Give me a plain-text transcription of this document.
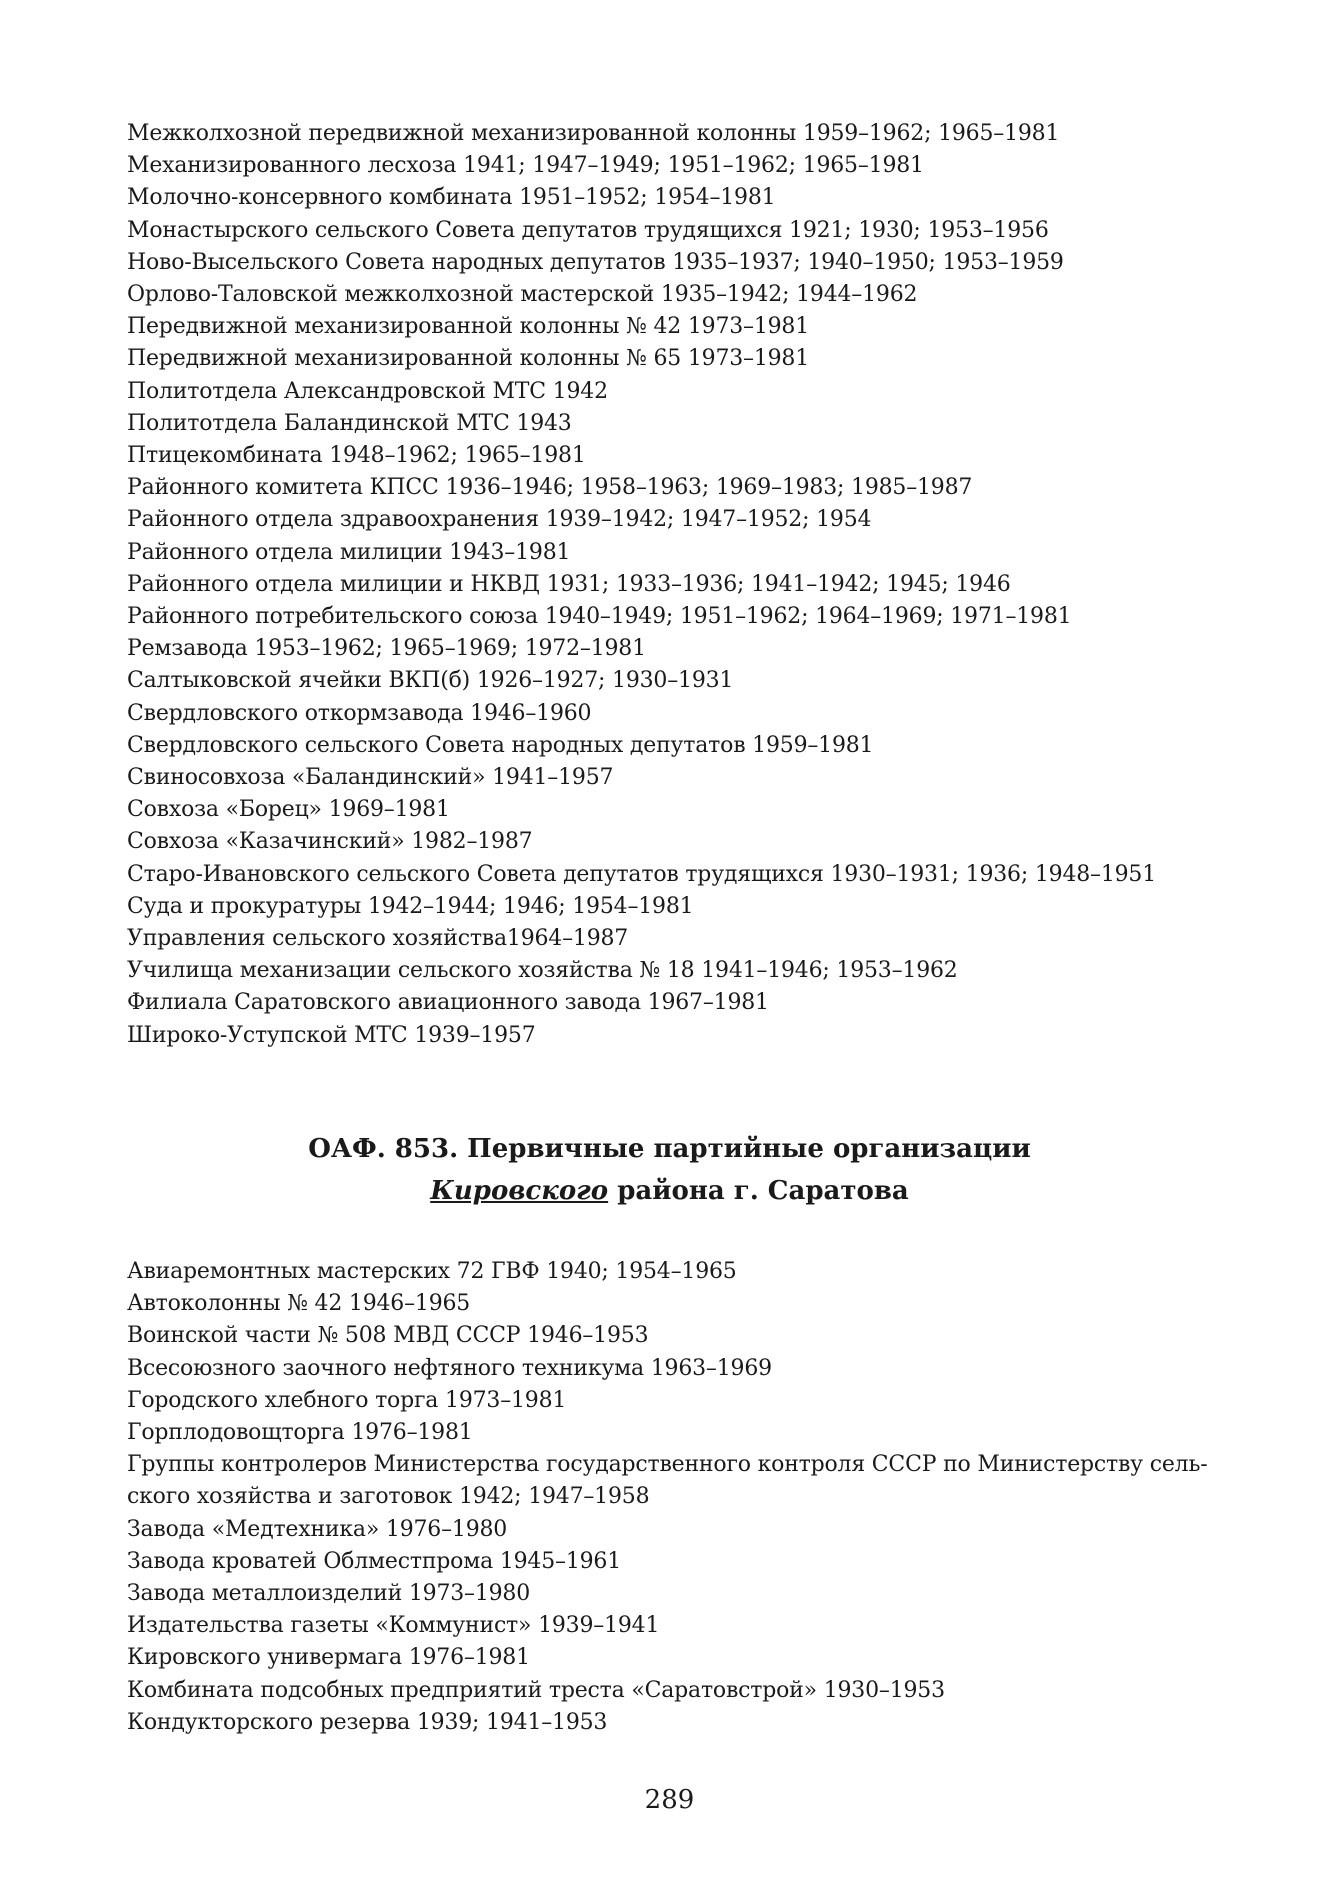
Межколхозной передвижной механизированной колонны 1959–1962; 1965–1981
Механизированного лесхоза 1941; 1947–1949; 1951–1962; 1965–1981
Молочно-консервного комбината 1951–1952; 1954–1981
Монастырского сельского Совета депутатов трудящихся 1921; 1930; 1953–1956
Ново-Высельского Совета народных депутатов 1935–1937; 1940–1950; 1953–1959
Орлово-Таловской межколхозной мастерской 1935–1942; 1944–1962
Передвижной механизированной колонны № 42 1973–1981
Передвижной механизированной колонны № 65 1973–1981
Политотдела Александровской МТС 1942
Политотдела Баландинской МТС 1943
Птицекомбината 1948–1962; 1965–1981
Районного комитета КПСС 1936–1946; 1958–1963; 1969–1983; 1985–1987
Районного отдела здравоохранения 1939–1942; 1947–1952; 1954
Районного отдела милиции 1943–1981
Районного отдела милиции и НКВД 1931; 1933–1936; 1941–1942; 1945; 1946
Районного потребительского союза 1940–1949; 1951–1962; 1964–1969; 1971–1981
Ремзавода 1953–1962; 1965–1969; 1972–1981
Салтыковской ячейки ВКП(б) 1926–1927; 1930–1931
Свердловского откормзавода 1946–1960
Свердловского сельского Совета народных депутатов 1959–1981
Свиносовхоза «Баландинский» 1941–1957
Совхоза «Борец» 1969–1981
Совхоза «Казачинский» 1982–1987
Старо-Ивановского сельского Совета депутатов трудящихся 1930–1931; 1936; 1948–1951
Суда и прокуратуры 1942–1944; 1946; 1954–1981
Управления сельского хозяйства1964–1987
Училища механизации сельского хозяйства № 18 1941–1946; 1953–1962
Филиала Саратовского авиационного завода 1967–1981
Широко-Уступской МТС 1939–1957
ОАФ. 853. Первичные партийные организации
Кировского района г. Саратова
Авиаремонтных мастерских 72 ГВФ 1940; 1954–1965
Автоколонны № 42 1946–1965
Воинской части № 508 МВД СССР 1946–1953
Всесоюзного заочного нефтяного техникума 1963–1969
Городского хлебного торга 1973–1981
Горплодовощторга 1976–1981
Группы контролеров Министерства государственного контроля СССР по Министерству сель-
ского хозяйства и заготовок 1942; 1947–1958
Завода «Медтехника» 1976–1980
Завода кроватей Облместпрома 1945–1961
Завода металлоизделий 1973–1980
Издательства газеты «Коммунист» 1939–1941
Кировского универмага 1976–1981
Комбината подсобных предприятий треста «Саратовстрой» 1930–1953
Кондукторского резерва 1939; 1941–1953
289
